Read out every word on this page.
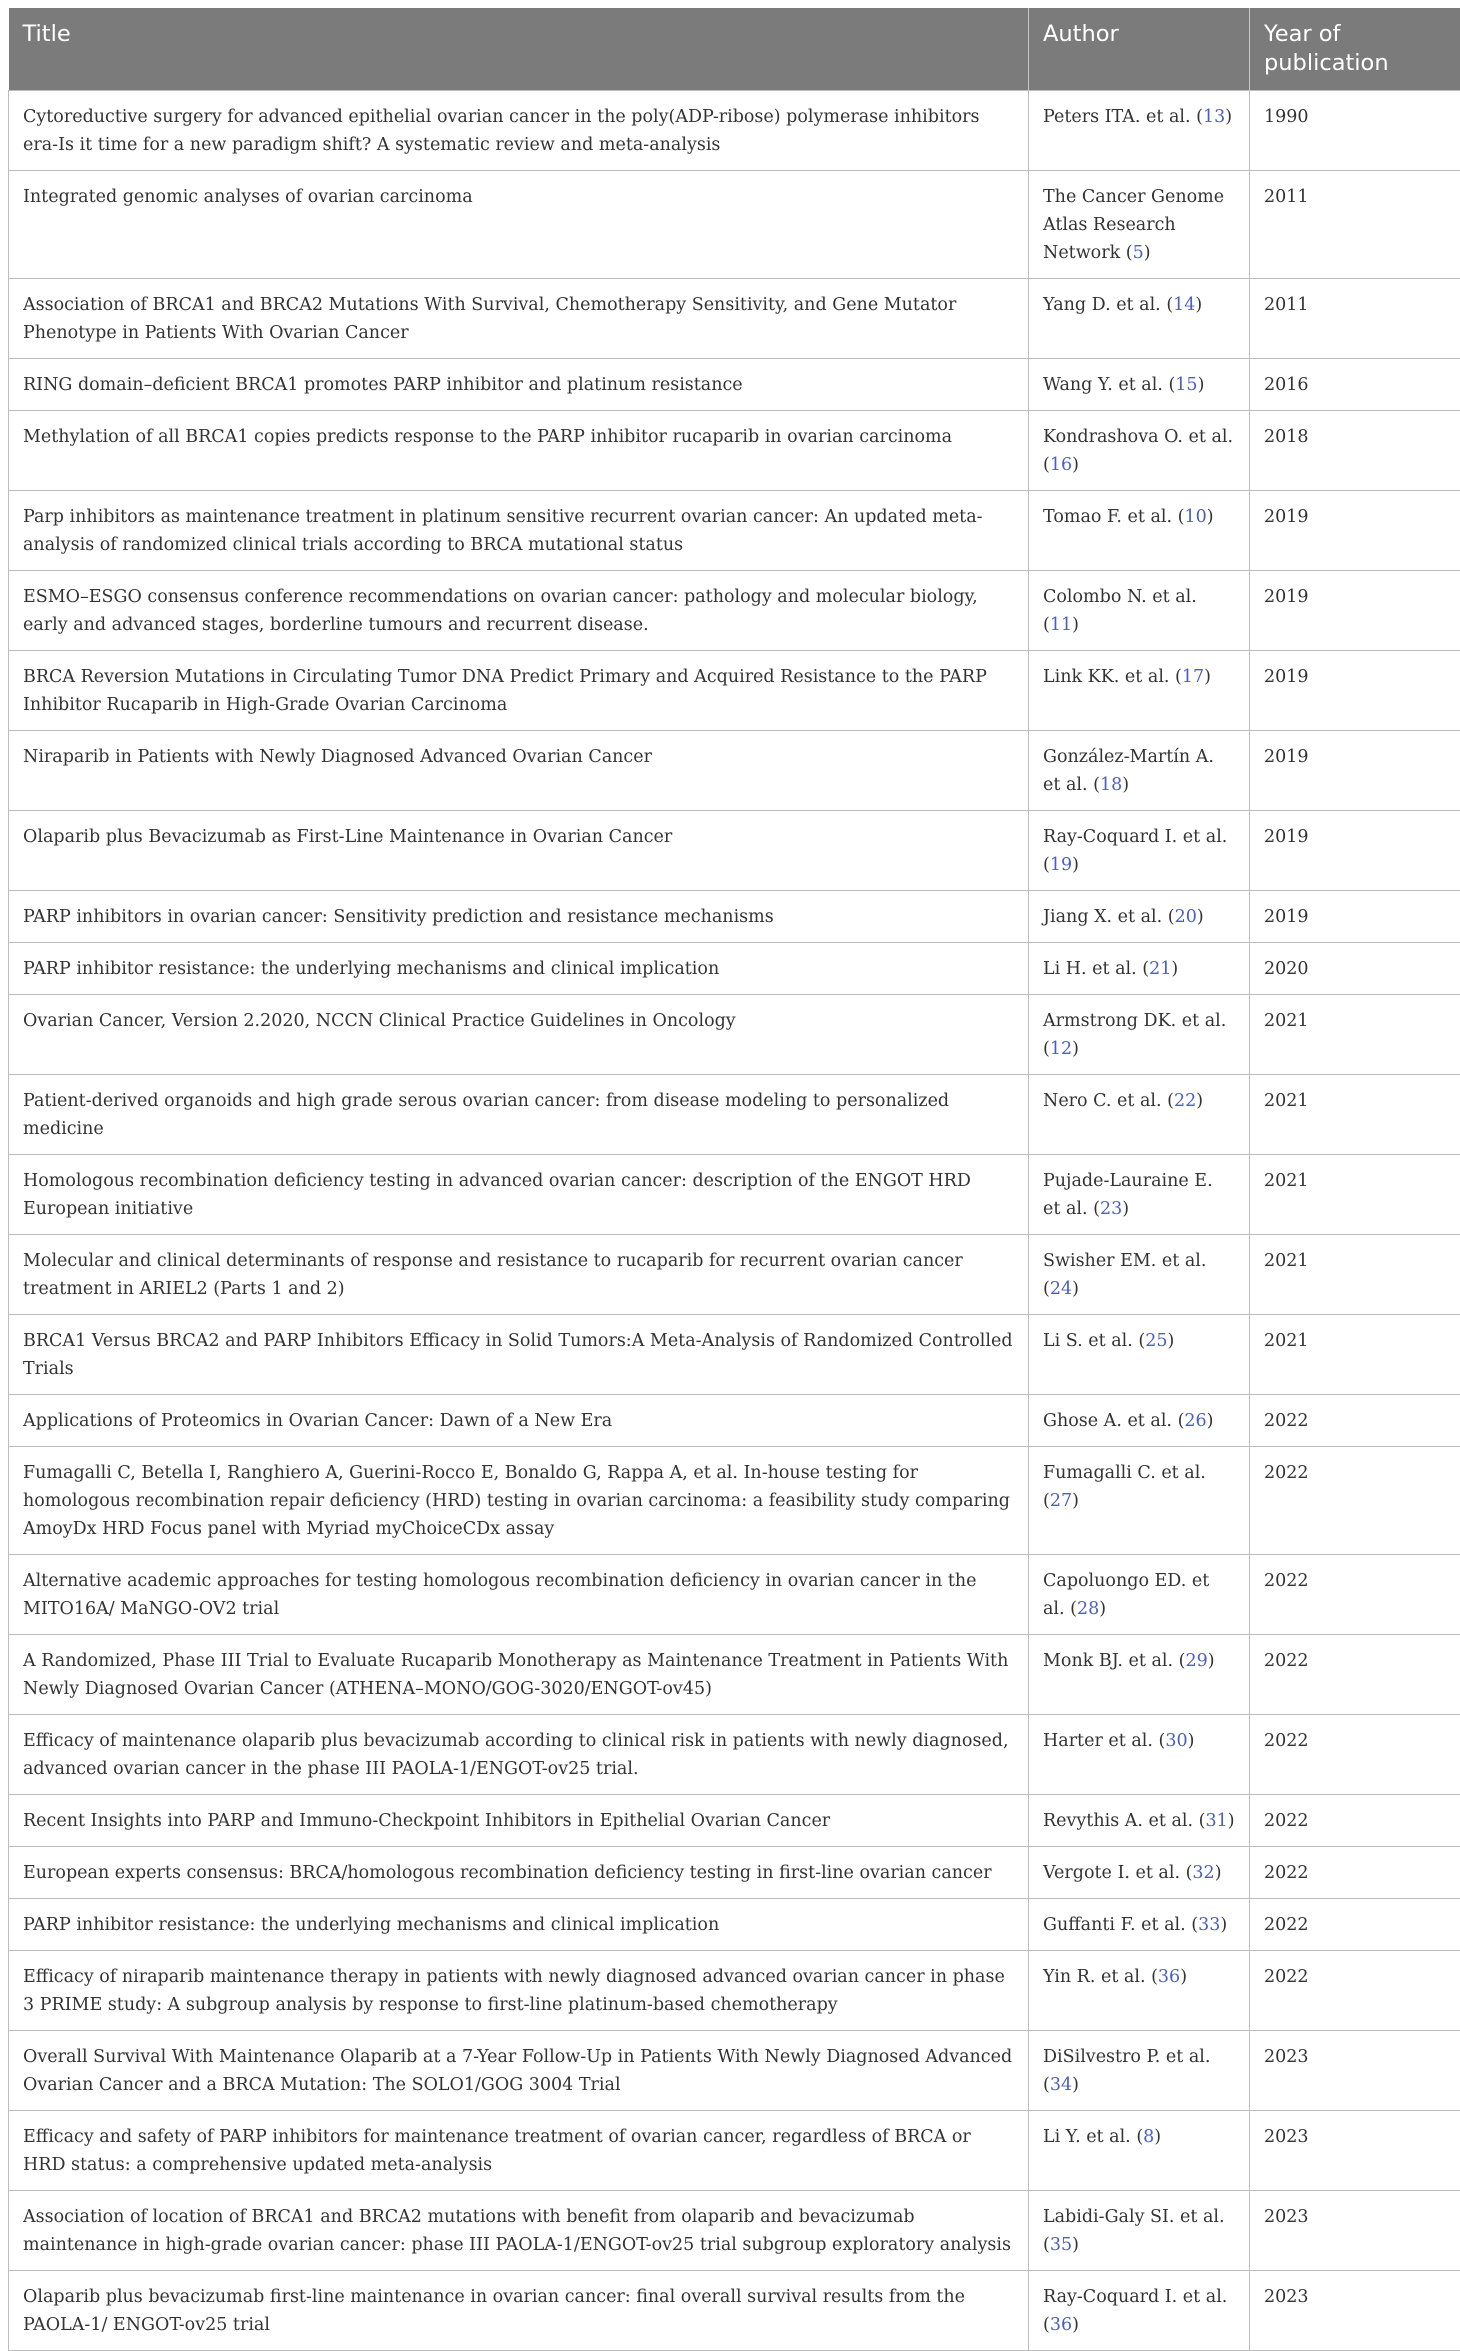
Title	Author	Year of publication
Cytoreductive surgery for advanced epithelial ovarian cancer in the poly(ADP-ribose) polymerase inhibitors era-Is it time for a new paradigm shift? A systematic review and meta-analysis	Peters ITA. et al. (13)	1990
Integrated genomic analyses of ovarian carcinoma	The Cancer Genome Atlas Research Network (5)	2011
Association of BRCA1 and BRCA2 Mutations With Survival, Chemotherapy Sensitivity, and Gene Mutator Phenotype in Patients With Ovarian Cancer	Yang D. et al. (14)	2011
RING domain–deficient BRCA1 promotes PARP inhibitor and platinum resistance	Wang Y. et al. (15)	2016
Methylation of all BRCA1 copies predicts response to the PARP inhibitor rucaparib in ovarian carcinoma	Kondrashova O. et al. (16)	2018
Parp inhibitors as maintenance treatment in platinum sensitive recurrent ovarian cancer: An updated meta-analysis of randomized clinical trials according to BRCA mutational status	Tomao F. et al. (10)	2019
ESMO–ESGO consensus conference recommendations on ovarian cancer: pathology and molecular biology, early and advanced stages, borderline tumours and recurrent disease.	Colombo N. et al. (11)	2019
BRCA Reversion Mutations in Circulating Tumor DNA Predict Primary and Acquired Resistance to the PARP Inhibitor Rucaparib in High-Grade Ovarian Carcinoma	Link KK. et al. (17)	2019
Niraparib in Patients with Newly Diagnosed Advanced Ovarian Cancer	González-Martín A. et al. (18)	2019
Olaparib plus Bevacizumab as First-Line Maintenance in Ovarian Cancer	Ray-Coquard I. et al. (19)	2019
PARP inhibitors in ovarian cancer: Sensitivity prediction and resistance mechanisms	Jiang X. et al. (20)	2019
PARP inhibitor resistance: the underlying mechanisms and clinical implication	Li H. et al. (21)	2020
Ovarian Cancer, Version 2.2020, NCCN Clinical Practice Guidelines in Oncology	Armstrong DK. et al. (12)	2021
Patient-derived organoids and high grade serous ovarian cancer: from disease modeling to personalized medicine	Nero C. et al. (22)	2021
Homologous recombination deficiency testing in advanced ovarian cancer: description of the ENGOT HRD European initiative	Pujade-Lauraine E. et al. (23)	2021
Molecular and clinical determinants of response and resistance to rucaparib for recurrent ovarian cancer treatment in ARIEL2 (Parts 1 and 2)	Swisher EM. et al. (24)	2021
BRCA1 Versus BRCA2 and PARP Inhibitors Efficacy in Solid Tumors:A Meta-Analysis of Randomized Controlled Trials	Li S. et al. (25)	2021
Applications of Proteomics in Ovarian Cancer: Dawn of a New Era	Ghose A. et al. (26)	2022
Fumagalli C, Betella I, Ranghiero A, Guerini-Rocco E, Bonaldo G, Rappa A, et al. In-house testing for homologous recombination repair deficiency (HRD) testing in ovarian carcinoma: a feasibility study comparing AmoyDx HRD Focus panel with Myriad myChoiceCDx assay	Fumagalli C. et al. (27)	2022
Alternative academic approaches for testing homologous recombination deficiency in ovarian cancer in the MITO16A/ MaNGO-OV2 trial	Capoluongo ED. et al. (28)	2022
A Randomized, Phase III Trial to Evaluate Rucaparib Monotherapy as Maintenance Treatment in Patients With Newly Diagnosed Ovarian Cancer (ATHENA–MONO/GOG-3020/ENGOT-ov45)	Monk BJ. et al. (29)	2022
Efficacy of maintenance olaparib plus bevacizumab according to clinical risk in patients with newly diagnosed, advanced ovarian cancer in the phase III PAOLA-1/ENGOT-ov25 trial.	Harter et al. (30)	2022
Recent Insights into PARP and Immuno-Checkpoint Inhibitors in Epithelial Ovarian Cancer	Revythis A. et al. (31)	2022
European experts consensus: BRCA/homologous recombination deficiency testing in first-line ovarian cancer	Vergote I. et al. (32)	2022
PARP inhibitor resistance: the underlying mechanisms and clinical implication	Guffanti F. et al. (33)	2022
Efficacy of niraparib maintenance therapy in patients with newly diagnosed advanced ovarian cancer in phase 3 PRIME study: A subgroup analysis by response to first-line platinum-based chemotherapy	Yin R. et al. (36)	2022
Overall Survival With Maintenance Olaparib at a 7-Year Follow-Up in Patients With Newly Diagnosed Advanced Ovarian Cancer and a BRCA Mutation: The SOLO1/GOG 3004 Trial	DiSilvestro P. et al. (34)	2023
Efficacy and safety of PARP inhibitors for maintenance treatment of ovarian cancer, regardless of BRCA or HRD status: a comprehensive updated meta-analysis	Li Y. et al. (8)	2023
Association of location of BRCA1 and BRCA2 mutations with benefit from olaparib and bevacizumab maintenance in high-grade ovarian cancer: phase III PAOLA-1/ENGOT-ov25 trial subgroup exploratory analysis	Labidi-Galy SI. et al. (35)	2023
Olaparib plus bevacizumab first-line maintenance in ovarian cancer: final overall survival results from the PAOLA-1/ ENGOT-ov25 trial	Ray-Coquard I. et al. (36)	2023
